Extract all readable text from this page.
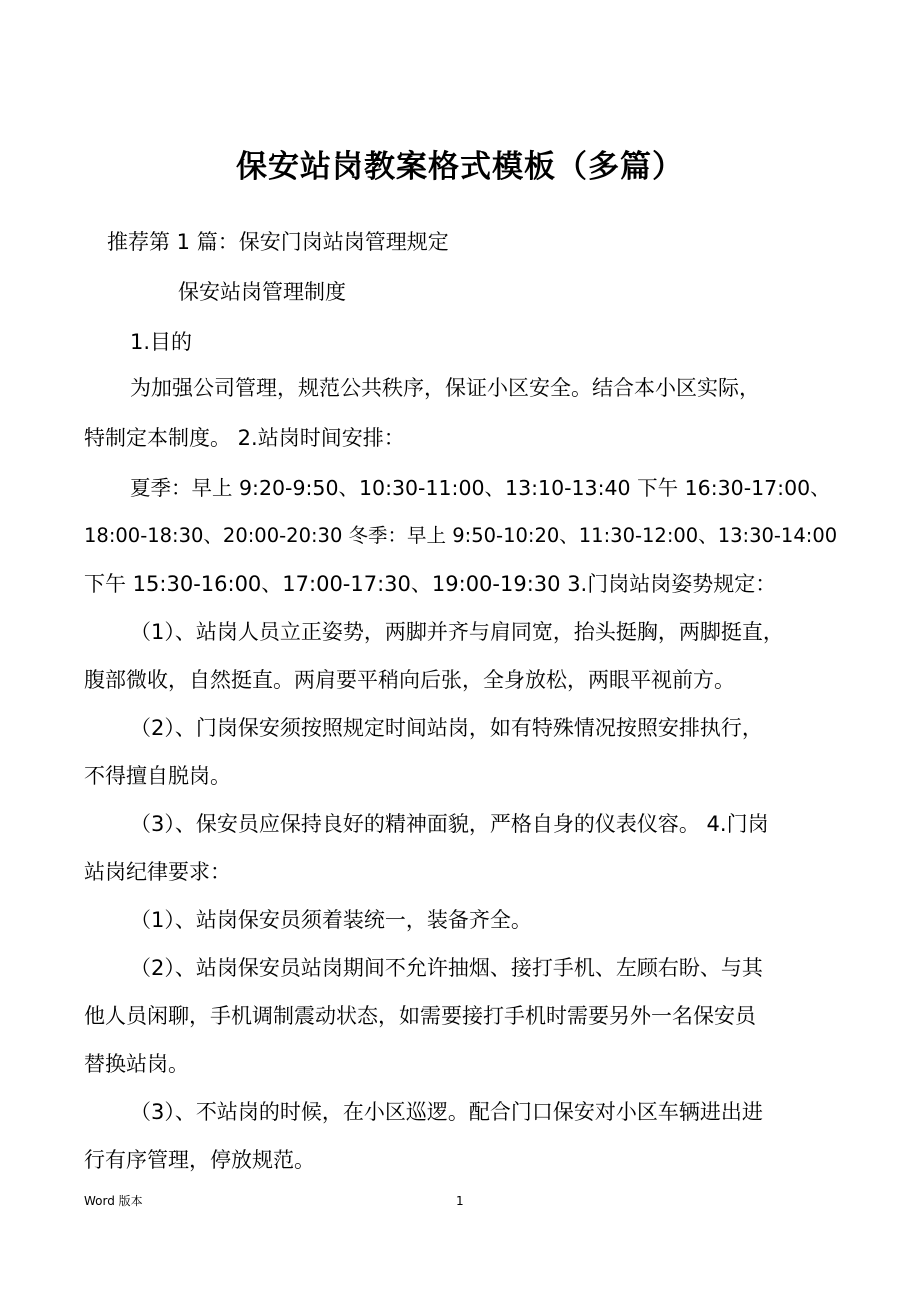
保安站岗教案格式模板（多篇）
推荐第 1 篇：保安门岗站岗管理规定
保安站岗管理制度
1.目的
为加强公司管理，规范公共秩序，保证小区安全。结合本小区实际，
特制定本制度。 2.站岗时间安排：
夏季：早上 9:20-9:50、10:30-11:00、13:10-13:40 下午 16:30-17:00、
18:00-18:30、20:00-20:30 冬季：早上 9:50-10:20、11:30-12:00、13:30-14:00
下午 15:30-16:00、17:00-17:30、19:00-19:30 3.门岗站岗姿势规定：
（1）、站岗人员立正姿势，两脚并齐与肩同宽，抬头挺胸，两脚挺直，
腹部微收，自然挺直。两肩要平稍向后张，全身放松，两眼平视前方。
（2）、门岗保安须按照规定时间站岗，如有特殊情况按照安排执行，
不得擅自脱岗。
（3）、保安员应保持良好的精神面貌，严格自身的仪表仪容。 4.门岗
站岗纪律要求：
（1）、站岗保安员须着装统一，装备齐全。
（2）、站岗保安员站岗期间不允许抽烟、接打手机、左顾右盼、与其
他人员闲聊，手机调制震动状态，如需要接打手机时需要另外一名保安员
替换站岗。
（3）、不站岗的时候，在小区巡逻。配合门口保安对小区车辆进出进
行有序管理，停放规范。
Word 版本	1
